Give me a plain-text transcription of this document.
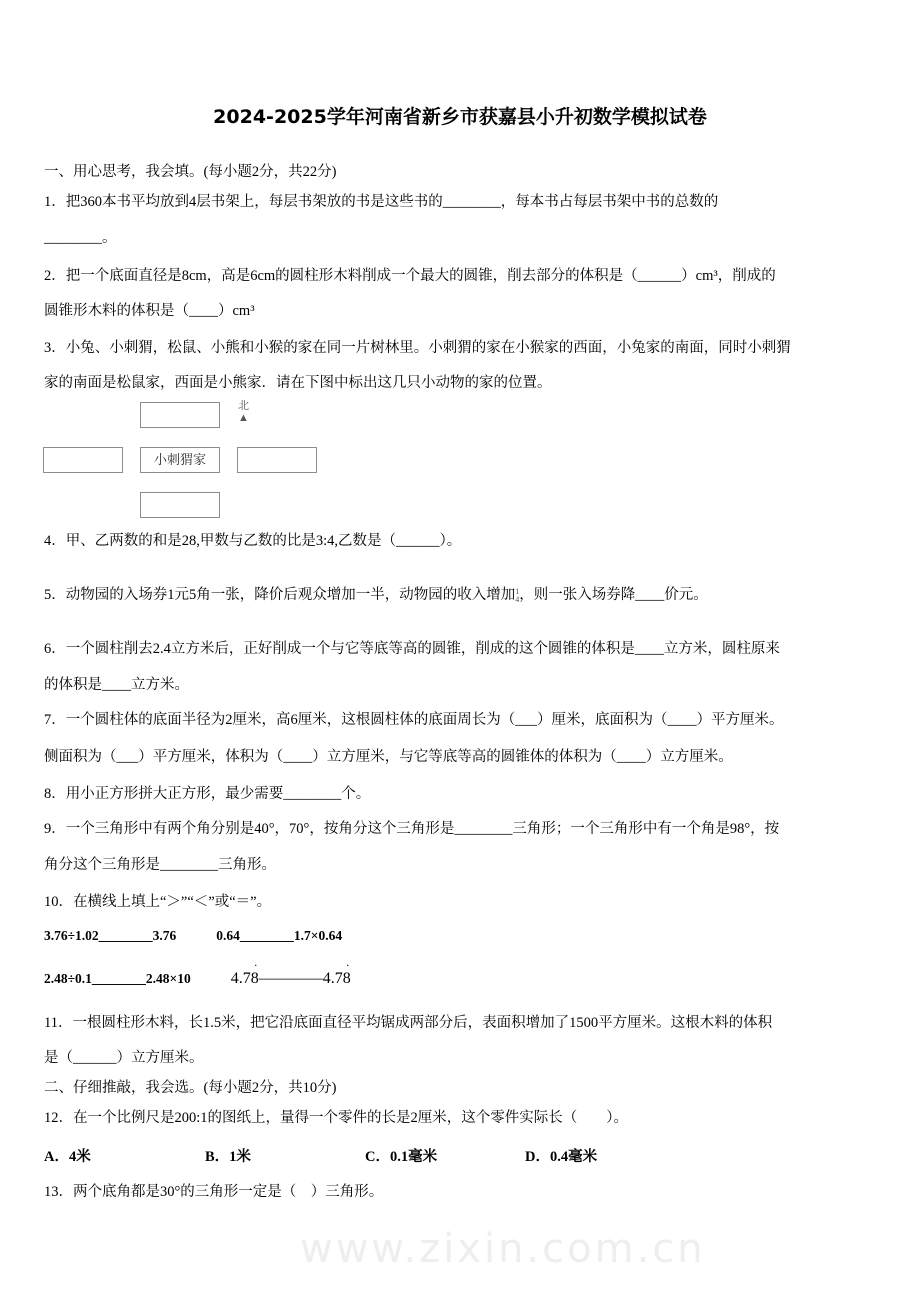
2024-2025学年河南省新乡市获嘉县小升初数学模拟试卷
一、用心思考，我会填。(每小题2分，共22分)
1．把360本书平均放到4层书架上，每层书架放的书是这些书的________，每本书占每层书架中书的总数的
________。
2．把一个底面直径是8cm，高是6cm的圆柱形木料削成一个最大的圆锥，削去部分的体积是（______）cm³，削成的
圆锥形木料的体积是（____）cm³
3．小兔、小刺猬，松鼠、小熊和小猴的家在同一片树林里。小刺猬的家在小猴家的西面，小兔家的南面，同时小刺猬
家的南面是松鼠家，西面是小熊家．请在下图中标出这几只小动物的家的位置。
小刺猬家
北
▲
4．甲、乙两数的和是28,甲数与乙数的比是3:4,乙数是（______）。
5．动物园的入场券1元5角一张，降价后观众增加一半，动物园的收入增加1
4，则一张入场券降____价元。
6．一个圆柱削去2.4立方米后，正好削成一个与它等底等高的圆锥，削成的这个圆锥的体积是____立方米，圆柱原来
的体积是____立方米。
7．一个圆柱体的底面半径为2厘米，高6厘米，这根圆柱体的底面周长为（___）厘米，底面积为（____）平方厘米。
侧面积为（___）平方厘米，体积为（____）立方厘米，与它等底等高的圆锥体的体积为（____）立方厘米。
8．用小正方形拼大正方形，最少需要________个。
9．一个三角形中有两个角分别是40°，70°，按角分这个三角形是________三角形；一个三角形中有一个角是98°，按
角分这个三角形是________三角形。
10．在横线上填上“＞”“＜”或“＝”。
3.76÷1.02________3.76	0.64________1.7×0.64
2.48÷0.1________2.48×10	4.7· 8————4.7· 8
11．一根圆柱形木料，长1.5米，把它沿底面直径平均锯成两部分后，表面积增加了1500平方厘米。这根木料的体积
是（______）立方厘米。
二、仔细推敲，我会选。(每小题2分，共10分)
12．在一个比例尺是200:1的图纸上，量得一个零件的长是2厘米，这个零件实际长（　　）。
A．4米	B．1米	C．0.1毫米	D．0.4毫米
13．两个底角都是30°的三角形一定是（　）三角形。
www.zixin.com.cn
